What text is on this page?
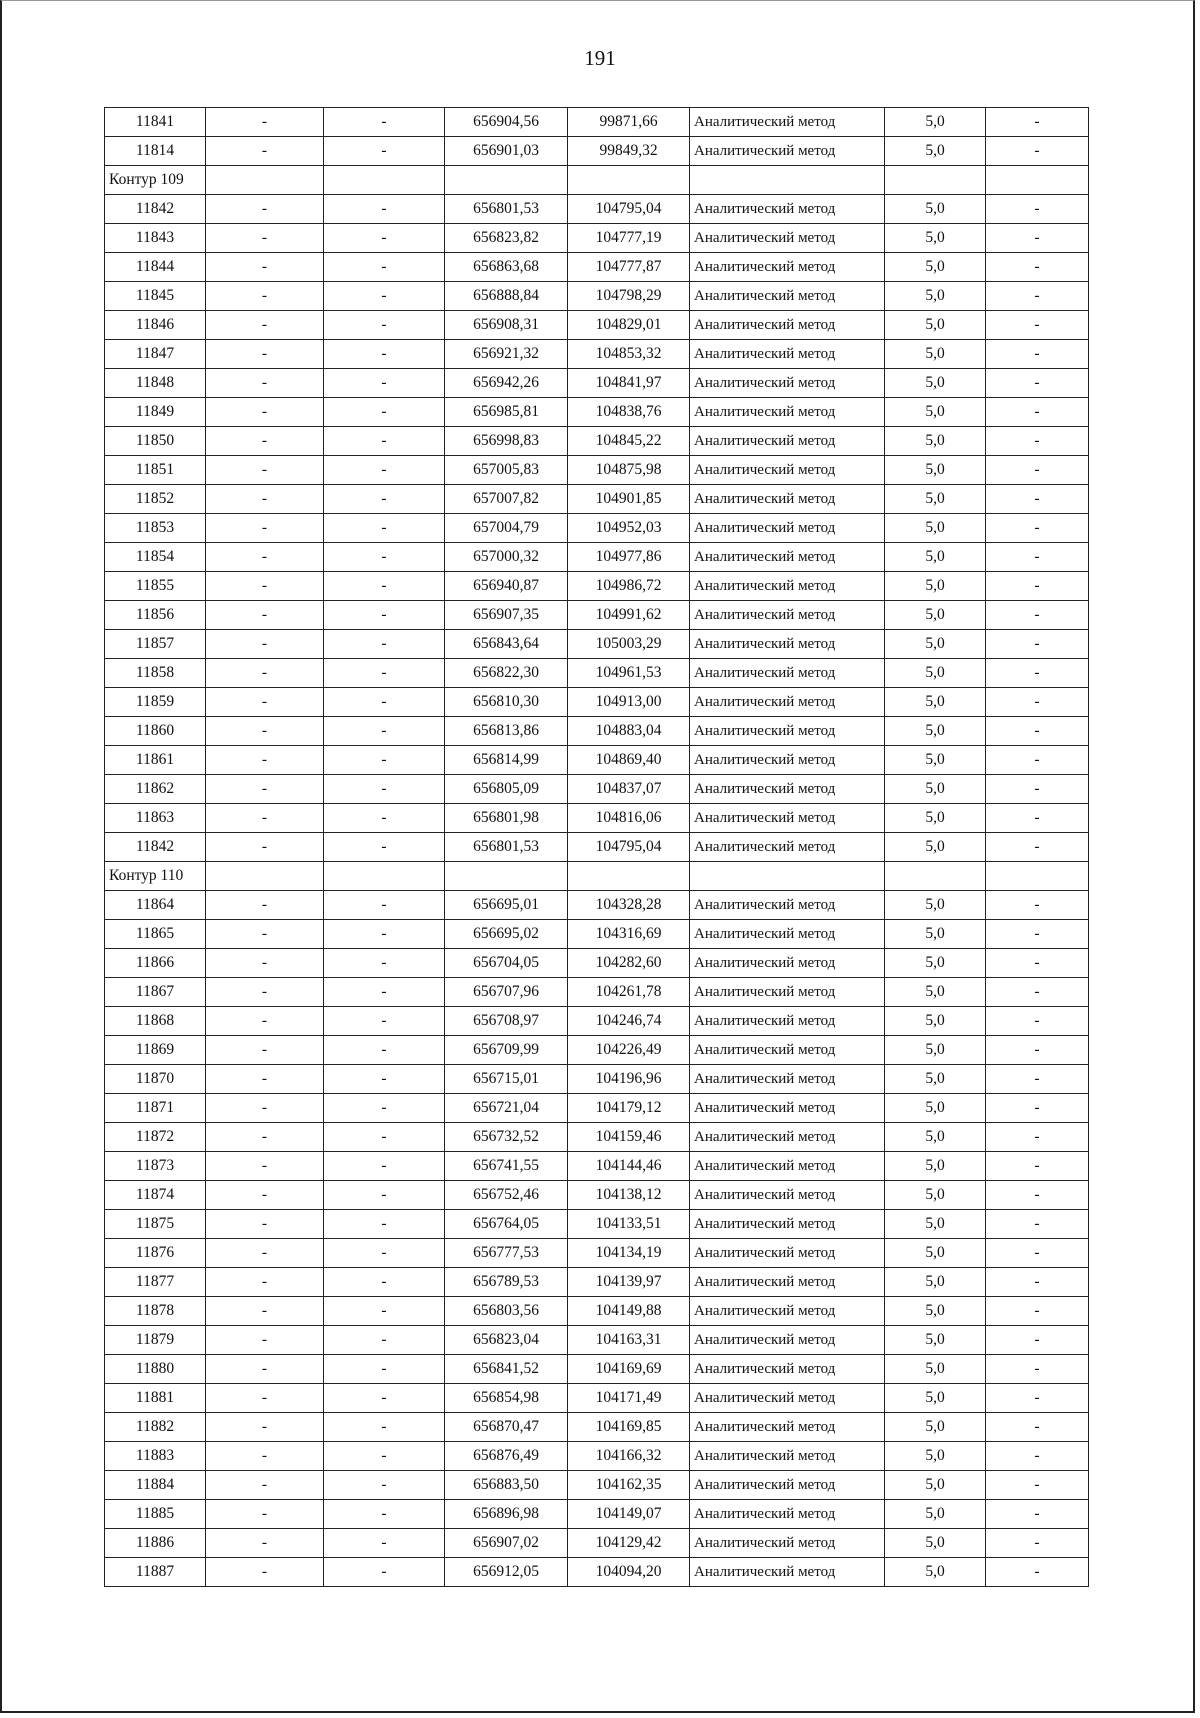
191
11841	-	-	656904,56	99871,66	Аналитический метод	5,0	-
11814	-	-	656901,03	99849,32	Аналитический метод	5,0	-
Контур 109							
11842	-	-	656801,53	104795,04	Аналитический метод	5,0	-
11843	-	-	656823,82	104777,19	Аналитический метод	5,0	-
11844	-	-	656863,68	104777,87	Аналитический метод	5,0	-
11845	-	-	656888,84	104798,29	Аналитический метод	5,0	-
11846	-	-	656908,31	104829,01	Аналитический метод	5,0	-
11847	-	-	656921,32	104853,32	Аналитический метод	5,0	-
11848	-	-	656942,26	104841,97	Аналитический метод	5,0	-
11849	-	-	656985,81	104838,76	Аналитический метод	5,0	-
11850	-	-	656998,83	104845,22	Аналитический метод	5,0	-
11851	-	-	657005,83	104875,98	Аналитический метод	5,0	-
11852	-	-	657007,82	104901,85	Аналитический метод	5,0	-
11853	-	-	657004,79	104952,03	Аналитический метод	5,0	-
11854	-	-	657000,32	104977,86	Аналитический метод	5,0	-
11855	-	-	656940,87	104986,72	Аналитический метод	5,0	-
11856	-	-	656907,35	104991,62	Аналитический метод	5,0	-
11857	-	-	656843,64	105003,29	Аналитический метод	5,0	-
11858	-	-	656822,30	104961,53	Аналитический метод	5,0	-
11859	-	-	656810,30	104913,00	Аналитический метод	5,0	-
11860	-	-	656813,86	104883,04	Аналитический метод	5,0	-
11861	-	-	656814,99	104869,40	Аналитический метод	5,0	-
11862	-	-	656805,09	104837,07	Аналитический метод	5,0	-
11863	-	-	656801,98	104816,06	Аналитический метод	5,0	-
11842	-	-	656801,53	104795,04	Аналитический метод	5,0	-
Контур 110							
11864	-	-	656695,01	104328,28	Аналитический метод	5,0	-
11865	-	-	656695,02	104316,69	Аналитический метод	5,0	-
11866	-	-	656704,05	104282,60	Аналитический метод	5,0	-
11867	-	-	656707,96	104261,78	Аналитический метод	5,0	-
11868	-	-	656708,97	104246,74	Аналитический метод	5,0	-
11869	-	-	656709,99	104226,49	Аналитический метод	5,0	-
11870	-	-	656715,01	104196,96	Аналитический метод	5,0	-
11871	-	-	656721,04	104179,12	Аналитический метод	5,0	-
11872	-	-	656732,52	104159,46	Аналитический метод	5,0	-
11873	-	-	656741,55	104144,46	Аналитический метод	5,0	-
11874	-	-	656752,46	104138,12	Аналитический метод	5,0	-
11875	-	-	656764,05	104133,51	Аналитический метод	5,0	-
11876	-	-	656777,53	104134,19	Аналитический метод	5,0	-
11877	-	-	656789,53	104139,97	Аналитический метод	5,0	-
11878	-	-	656803,56	104149,88	Аналитический метод	5,0	-
11879	-	-	656823,04	104163,31	Аналитический метод	5,0	-
11880	-	-	656841,52	104169,69	Аналитический метод	5,0	-
11881	-	-	656854,98	104171,49	Аналитический метод	5,0	-
11882	-	-	656870,47	104169,85	Аналитический метод	5,0	-
11883	-	-	656876,49	104166,32	Аналитический метод	5,0	-
11884	-	-	656883,50	104162,35	Аналитический метод	5,0	-
11885	-	-	656896,98	104149,07	Аналитический метод	5,0	-
11886	-	-	656907,02	104129,42	Аналитический метод	5,0	-
11887	-	-	656912,05	104094,20	Аналитический метод	5,0	-
